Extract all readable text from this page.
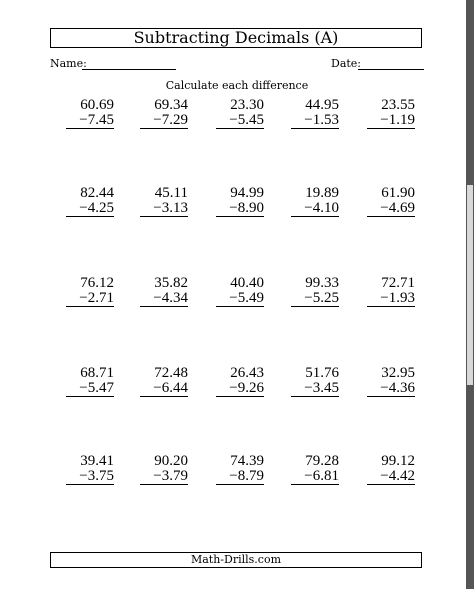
Subtracting Decimals (A)
Name:	Date:
Calculate each difference
60.69
−7.45
69.34
−7.29
23.30
−5.45
44.95
−1.53
23.55
−1.19
82.44
−4.25
45.11
−3.13
94.99
−8.90
19.89
−4.10
61.90
−4.69
76.12
−2.71
35.82
−4.34
40.40
−5.49
99.33
−5.25
72.71
−1.93
68.71
−5.47
72.48
−6.44
26.43
−9.26
51.76
−3.45
32.95
−4.36
39.41
−3.75
90.20
−3.79
74.39
−8.79
79.28
−6.81
99.12
−4.42
Math-Drills.com
